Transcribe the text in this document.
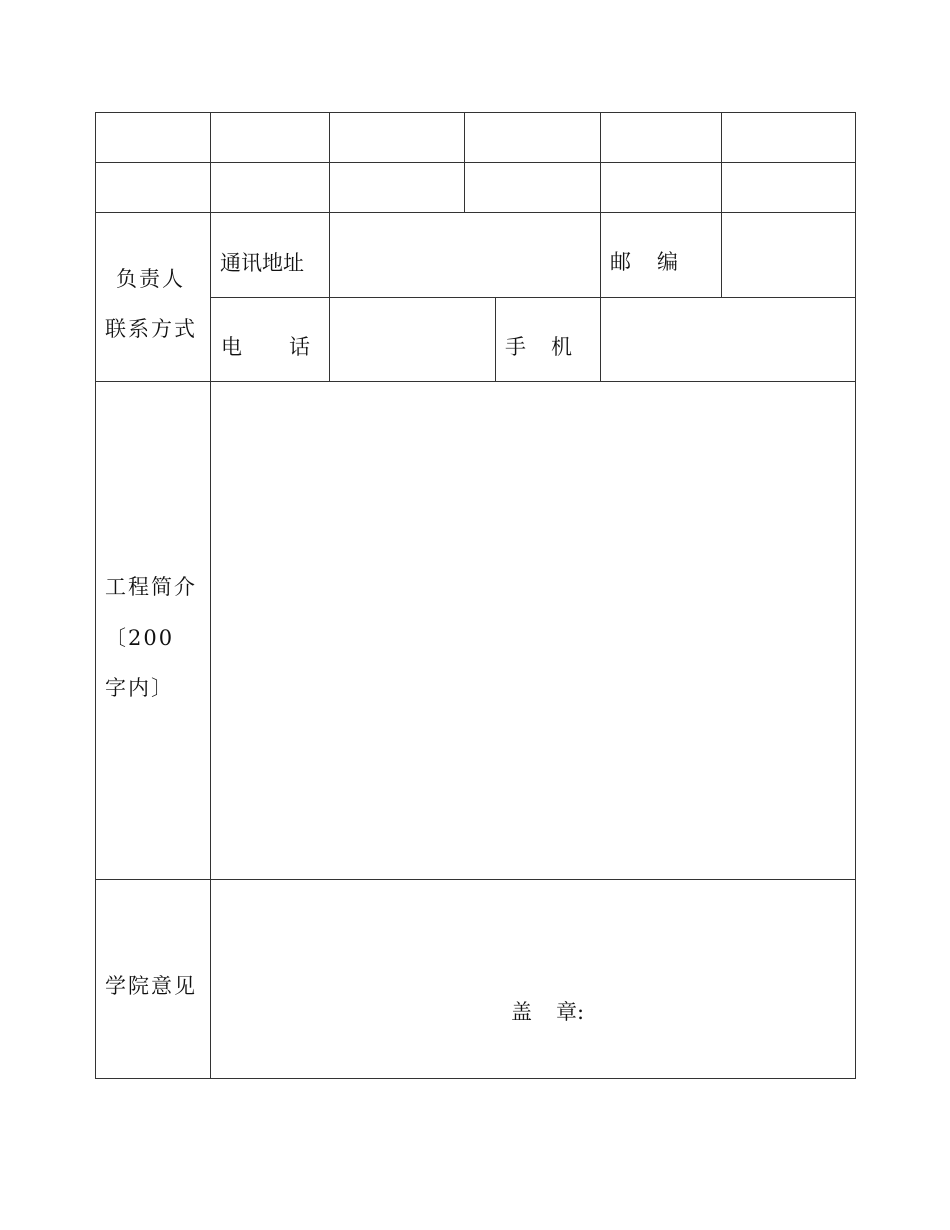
负责人
联系方式
通讯地址	邮 编
电 话	手 机
工程简介
〔200
字内〕
学院意见
盖 章:
